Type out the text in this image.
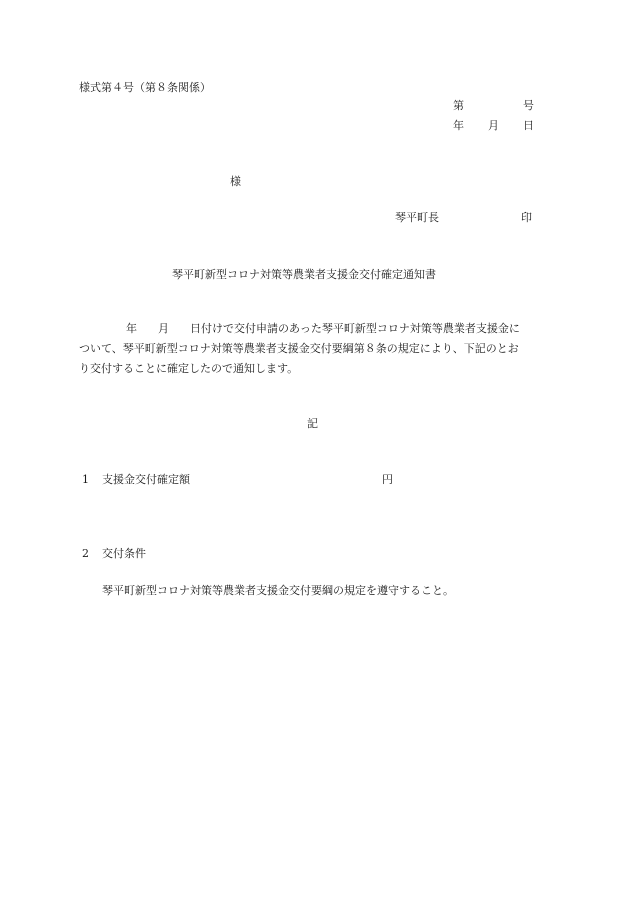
様式第４号（第８条関係）
第	号
年 月 日
様
琴平町長	印
琴平町新型コロナ対策等農業者支援金交付確定通知書
年 月 日付けで交付申請のあった琴平町新型コロナ対策等農業者支援金に
ついて、琴平町新型コロナ対策等農業者支援金交付要綱第８条の規定により、下記のとお
り交付することに確定したので通知します。
記
1 支援金交付確定額	円
2 交付条件
琴平町新型コロナ対策等農業者支援金交付要綱の規定を遵守すること。
